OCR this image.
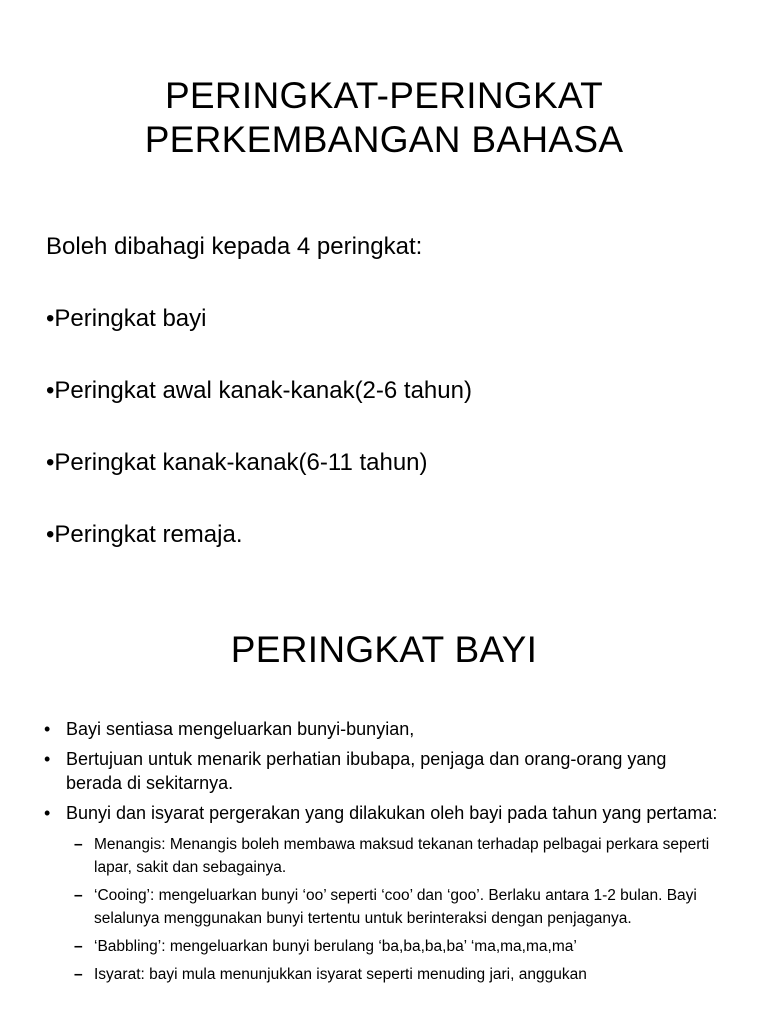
PERINGKAT-PERINGKAT
PERKEMBANGAN BAHASA
Boleh dibahagi kepada 4 peringkat:
•Peringkat bayi
•Peringkat awal kanak-kanak(2-6 tahun)
•Peringkat kanak-kanak(6-11 tahun)
•Peringkat remaja.
PERINGKAT BAYI
• Bayi sentiasa mengeluarkan bunyi-bunyian,
• Bertujuan untuk menarik perhatian ibubapa, penjaga dan orang-orang yang berada di sekitarnya.
• Bunyi dan isyarat pergerakan yang dilakukan oleh bayi pada tahun yang pertama:
– Menangis: Menangis boleh membawa maksud tekanan terhadap pelbagai perkara seperti lapar, sakit dan sebagainya.
– ‘Cooing’: mengeluarkan bunyi ‘oo’ seperti ‘coo’ dan ‘goo’. Berlaku antara 1-2 bulan. Bayi selalunya menggunakan bunyi tertentu untuk berinteraksi dengan penjaganya.
– ‘Babbling’: mengeluarkan bunyi berulang ‘ba,ba,ba,ba’ ‘ma,ma,ma,ma’
– Isyarat: bayi mula menunjukkan isyarat seperti menuding jari, anggukan
